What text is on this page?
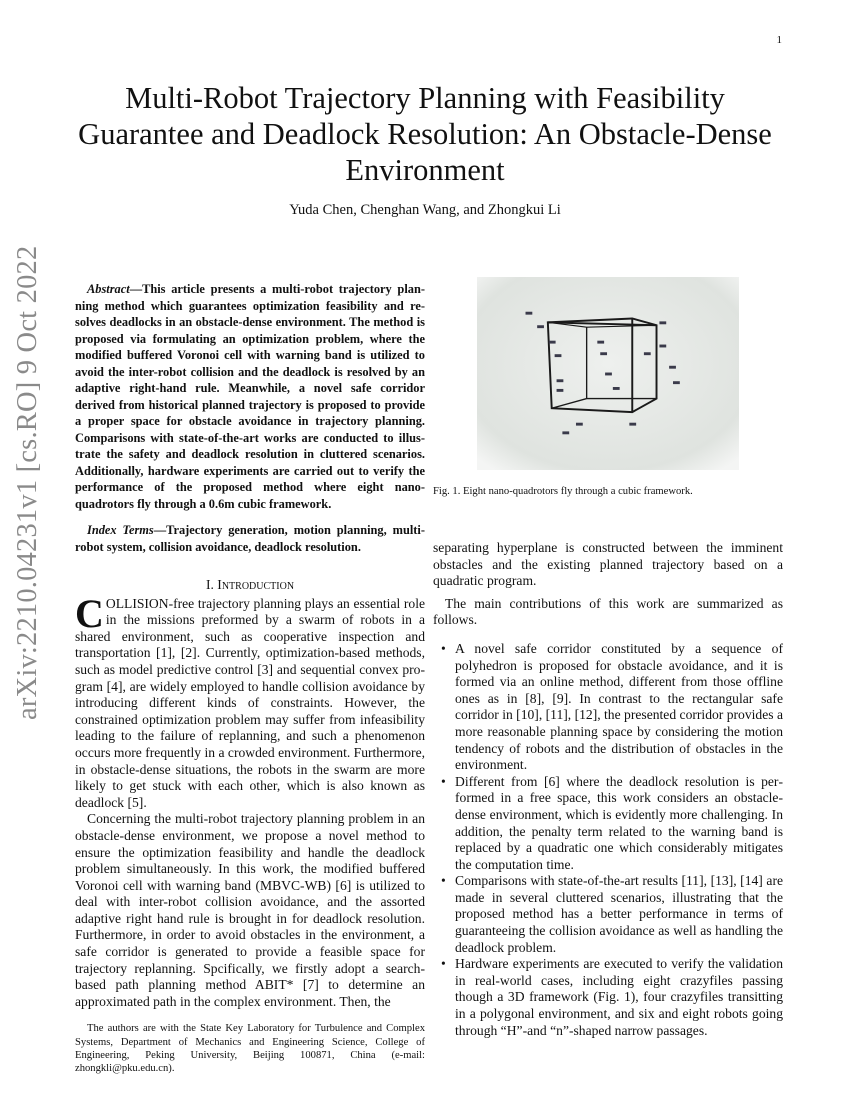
1
Multi-Robot Trajectory Planning with Feasibility Guarantee and Deadlock Resolution: An Obstacle-Dense Environment
Yuda Chen, Chenghan Wang, and Zhongkui Li
arXiv:2210.04231v1 [cs.RO] 9 Oct 2022	Abstract—This article presents a multi-robot trajectory planning method which guarantees optimization feasibility and resolves deadlocks in an obstacle-dense environment. The method is proposed via formulating an optimization problem, where the modified buffered Voronoi cell with warning band is utilized to avoid the inter-robot collision and the deadlock is resolved by an adaptive right-hand rule. Meanwhile, a novel safe corridor derived from historical planned trajectory is proposed to provide a proper space for obstacle avoidance in trajectory planning. Comparisons with state-of-the-art works are conducted to illustrate the safety and deadlock resolution in cluttered scenarios. Additionally, hardware experiments are carried out to verify the performance of the proposed method where eight nano-quadrotors fly through a 0.6m cubic framework.

Index Terms—Trajectory generation, motion planning, multi-robot system, collision avoidance, deadlock resolution.

I. Introduction

COLLISION-free trajectory planning plays an essential role in the missions preformed by a swarm of robots in a shared environment, such as cooperative inspection and transportation [1], [2]. Currently, optimization-based methods, such as model predictive control [3] and sequential convex program [4], are widely employed to handle collision avoidance by introducing different kinds of constraints. However, the constrained optimization problem may suffer from infeasibility leading to the failure of replanning, and such a phenomenon occurs more frequently in a crowded environment. Furthermore, in obstacle-dense situations, the robots in the swarm are more likely to get stuck with each other, which is also known as deadlock [5].

Concerning the multi-robot trajectory planning problem in an obstacle-dense environment, we propose a novel method to ensure the optimization feasibility and handle the deadlock problem simultaneously. In this work, the modified buffered Voronoi cell with warning band (MBVC-WB) [6] is utilized to deal with inter-robot collision avoidance, and the assorted adaptive right hand rule is brought in for deadlock resolution. Furthermore, in order to avoid obstacles in the environment, a safe corridor is generated to provide a feasible space for trajectory replanning. Spcifically, we firstly adopt a search-based path planning method ABIT* [7] to determine an approximated path in the complex environment. Then, the

The authors are with the State Key Laboratory for Turbulence and Complex Systems, Department of Mechanics and Engineering Science, College of Engineering, Peking University, Beijing 100871, China (e-mail: zhongkli@pku.edu.cn).
Fig. 1. Eight nano-quadrotors fly through a cubic framework.

separating hyperplane is constructed between the imminent obstacles and the existing planned trajectory based on a quadratic program.

The main contributions of this work are summarized as follows.

• A novel safe corridor constituted by a sequence of polyhedron is proposed for obstacle avoidance, and it is formed via an online method, different from those offline ones as in [8], [9]. In contrast to the rectangular safe corridor in [10], [11], [12], the presented corridor provides a more reasonable planning space by considering the motion tendency of robots and the distribution of obstacles in the environment.
• Different from [6] where the deadlock resolution is performed in a free space, this work considers an obstacle-dense environment, which is evidently more challenging. In addition, the penalty term related to the warning band is replaced by a quadratic one which considerably mitigates the computation time.
• Comparisons with state-of-the-art results [11], [13], [14] are made in several cluttered scenarios, illustrating that the proposed method has a better performance in terms of guaranteeing the collision avoidance as well as handling the deadlock problem.
• Hardware experiments are executed to verify the validation in real-world cases, including eight crazyfiles passing though a 3D framework (Fig. 1), four crazyfiles transitting in a polygonal environment, and six and eight robots going through “H”-and “n”-shaped narrow passages.
